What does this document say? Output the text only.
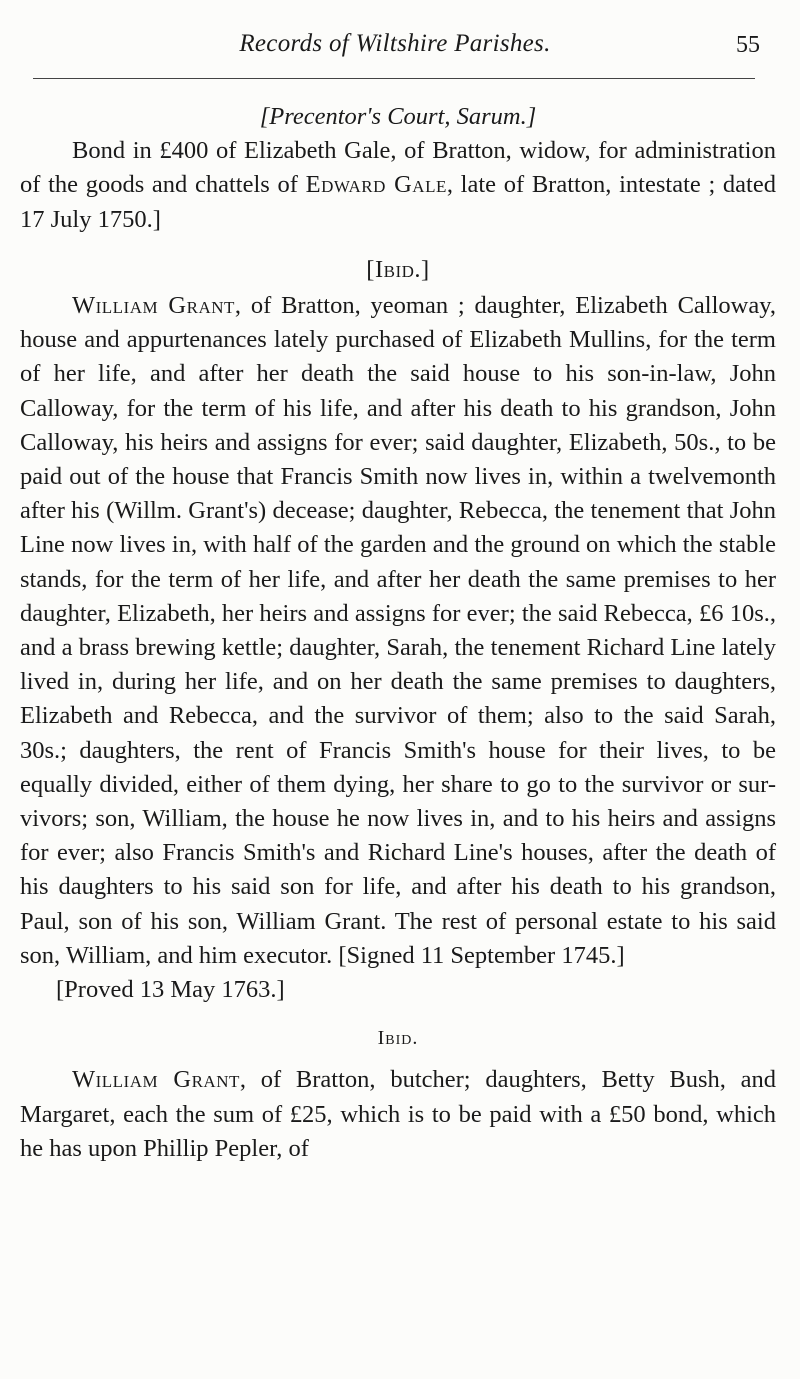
Records of Wiltshire Parishes.	55
[Precentor's Court, Sarum.]

Bond in £400 of Elizabeth Gale, of Bratton, widow, for administration of the goods and chattels of Edward Gale, late of Bratton, intestate ; dated 17 July 1750.]

[Ibid.]

William Grant, of Bratton, yeoman ; daughter, Elizabeth Calloway, house and appurtenances lately purchased of Elizabeth Mullins, for the term of her life, and after her death the said house to his son-in-law, John Calloway, for the term of his life, and after his death to his grandson, John Calloway, his heirs and assigns for ever; said daughter, Elizabeth, 50s., to be paid out of the house that Francis Smith now lives in, within a twelvemonth after his (Willm. Grant's) decease; daughter, Rebecca, the tenement that John Line now lives in, with half of the garden and the ground on which the stable stands, for the term of her life, and after her death the same premises to her daughter, Elizabeth, her heirs and assigns for ever; the said Rebecca, £6 10s., and a brass brewing kettle; daughter, Sarah, the tenement Richard Line lately lived in, during her life, and on her death the same premises to daughters, Elizabeth and Rebecca, and the survivor of them; also to the said Sarah, 30s.; daughters, the rent of Francis Smith's house for their lives, to be equally divided, either of them dying, her share to go to the survivor or sur- vivors; son, William, the house he now lives in, and to his heirs and assigns for ever; also Francis Smith's and Richard Line's houses, after the death of his daughters to his said son for life, and after his death to his grandson, Paul, son of his son, William Grant. The rest of personal estate to his said son, William, and him executor. [Signed 11 September 1745.]

[Proved 13 May 1763.]

Ibid.

William Grant, of Bratton, butcher; daughters, Betty Bush, and Margaret, each the sum of £25, which is to be paid with a £50 bond, which he has upon Phillip Pepler, of
